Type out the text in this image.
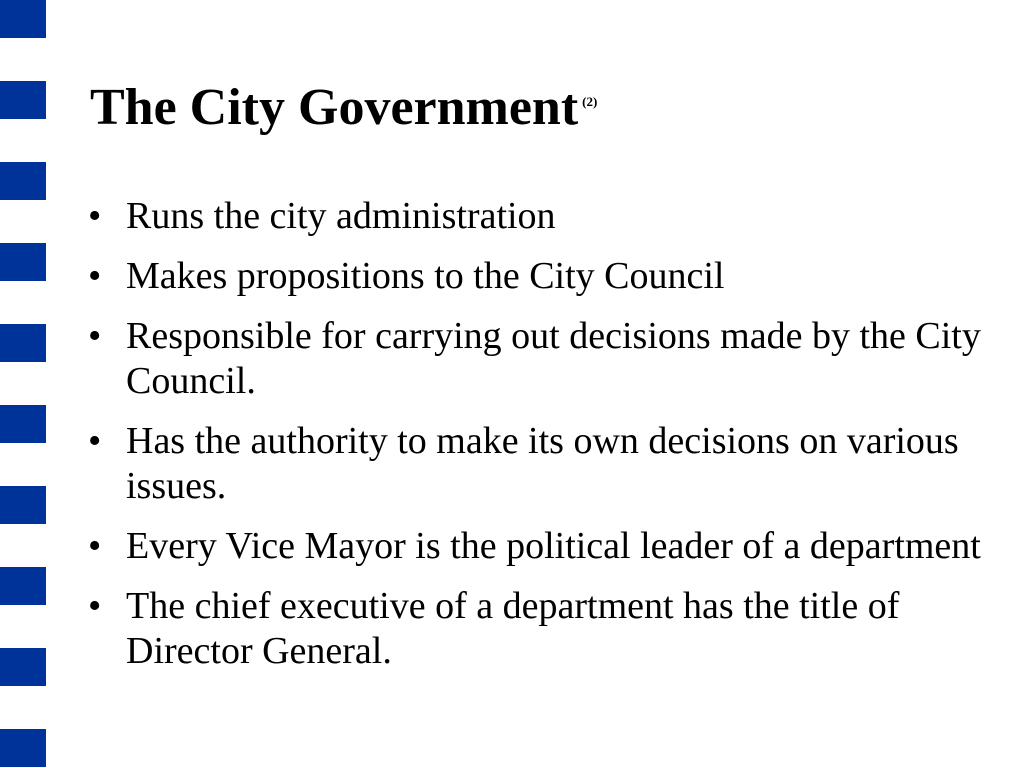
The City Government $^{(2)}$
• Runs the city administration
• Makes propositions to the City Council
• Responsible for carrying out decisions made by the City Council.
• Has the authority to make its own decisions on various issues.
• Every Vice Mayor is the political leader of a department
• The chief executive of a department has the title of Director General.
